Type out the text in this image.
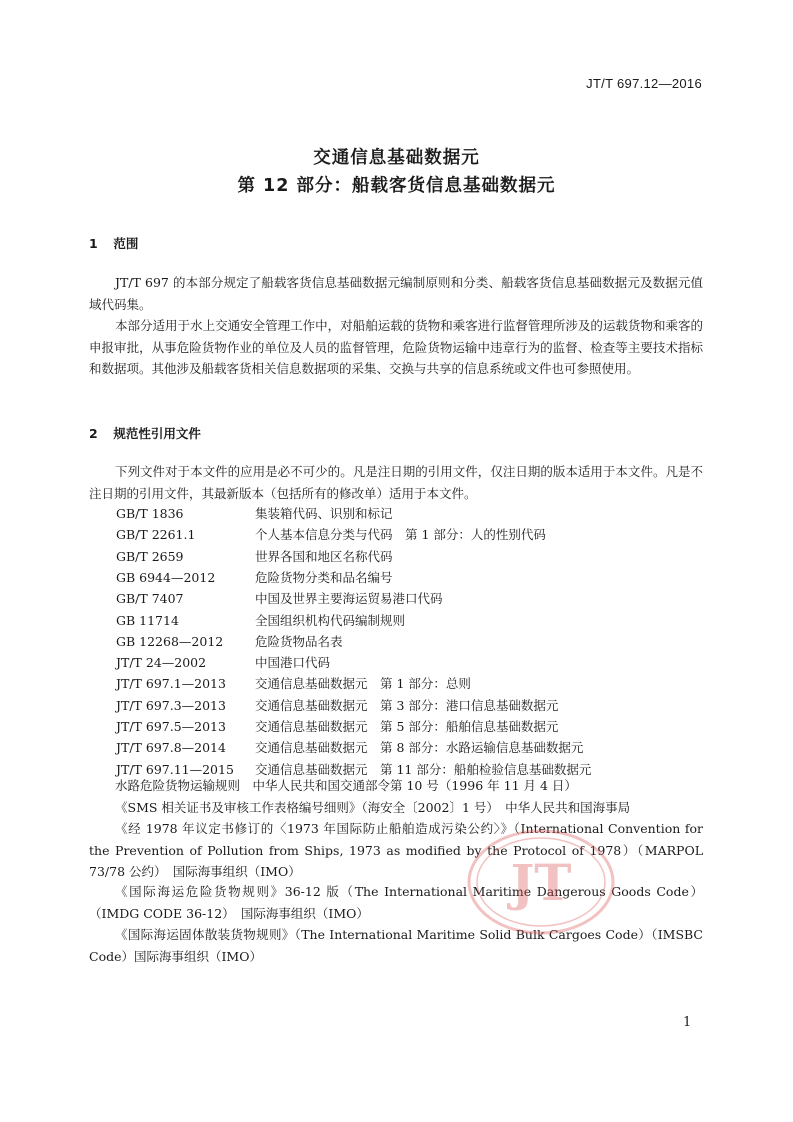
JT/T 697.12—2016
交通信息基础数据元
第 12 部分：船载客货信息基础数据元
1 范围

JT/T 697 的本部分规定了船载客货信息基础数据元编制原则和分类、船载客货信息基础数据元及数据元值域代码集。

本部分适用于水上交通安全管理工作中，对船舶运载的货物和乘客进行监督管理所涉及的运载货物和乘客的申报审批，从事危险货物作业的单位及人员的监督管理，危险货物运输中违章行为的监督、检查等主要技术指标和数据项。其他涉及船载客货相关信息数据项的采集、交换与共享的信息系统或文件也可参照使用。

2 规范性引用文件

下列文件对于本文件的应用是必不可少的。凡是注日期的引用文件，仅注日期的版本适用于本文件。凡是不注日期的引用文件，其最新版本（包括所有的修改单）适用于本文件。

GB/T 1836	集装箱代码、识别和标记
GB/T 2261.1	个人基本信息分类与代码　第 1 部分：人的性别代码
GB/T 2659	世界各国和地区名称代码
GB 6944—2012	危险货物分类和品名编号
GB/T 7407	中国及世界主要海运贸易港口代码
GB 11714	全国组织机构代码编制规则
GB 12268—2012	危险货物品名表
JT/T 24—2002	中国港口代码
JT/T 697.1—2013 交通信息基础数据元　第 1 部分：总则
JT/T 697.3—2013 交通信息基础数据元　第 3 部分：港口信息基础数据元
JT/T 697.5—2013 交通信息基础数据元　第 5 部分：船舶信息基础数据元
JT/T 697.8—2014 交通信息基础数据元　第 8 部分：水路运输信息基础数据元
JT/T 697.11—2015 交通信息基础数据元　第 11 部分：船舶检验信息基础数据元

水路危险货物运输规则　中华人民共和国交通部令第 10 号（1996 年 11 月 4 日）

《SMS 相关证书及审核工作表格编号细则》（海安全〔2002〕1 号）　中华人民共和国海事局

《经 1978 年议定书修订的〈1973 年国际防止船舶造成污染公约〉》（International Convention for the Prevention of Pollution from Ships, 1973 as modified by the Protocol of 1978）（MARPOL 73/78 公约）　国际海事组织（IMO）

《国际海运危险货物规则》36-12 版（The International Maritime Dangerous Goods Code）（IMDG CODE 36-12）　国际海事组织（IMO）

《国际海运固体散装货物规则》（The International Maritime Solid Bulk Cargoes Code）（IMSBC Code）国际海事组织（IMO）

JT
1
